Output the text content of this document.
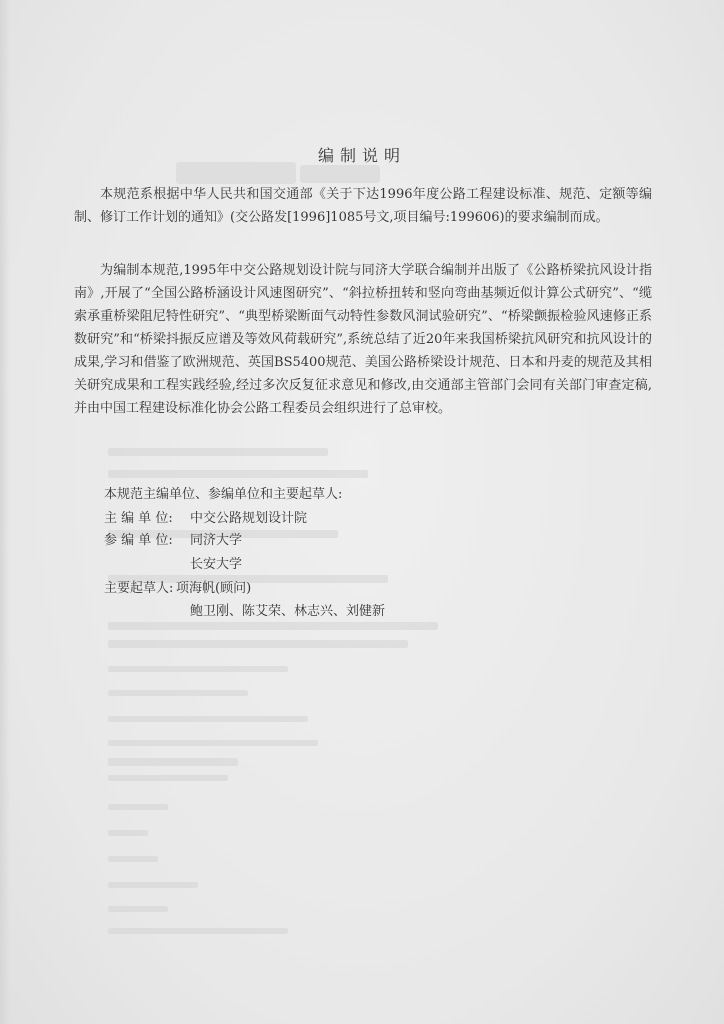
编制说明

本规范系根据中华人民共和国交通部《关于下达1996年度公路工程建设标准、规范、定额等编制、修订工作计划的通知》(交公路发[1996]1085号文,项目编号:199606)的要求编制而成。

为编制本规范,1995年中交公路规划设计院与同济大学联合编制并出版了《公路桥梁抗风设计指南》,开展了“全国公路桥涵设计风速图研究”、“斜拉桥扭转和竖向弯曲基频近似计算公式研究”、“缆索承重桥梁阻尼特性研究”、“典型桥梁断面气动特性参数风洞试验研究”、“桥梁颤振检验风速修正系数研究”和“桥梁抖振反应谱及等效风荷载研究”,系统总结了近20年来我国桥梁抗风研究和抗风设计的成果,学习和借鉴了欧洲规范、英国BS5400规范、美国公路桥梁设计规范、日本和丹麦的规范及其相关研究成果和工程实践经验,经过多次反复征求意见和修改,由交通部主管部门会同有关部门审查定稿,并由中国工程建设标准化协会公路工程委员会组织进行了总审校。

本规范主编单位、参编单位和主要起草人:
主 编 单 位: 中交公路规划设计院
参 编 单 位: 同济大学
长安大学
主要起草人: 项海帆(顾问)
鲍卫刚、陈艾荣、林志兴、刘健新
